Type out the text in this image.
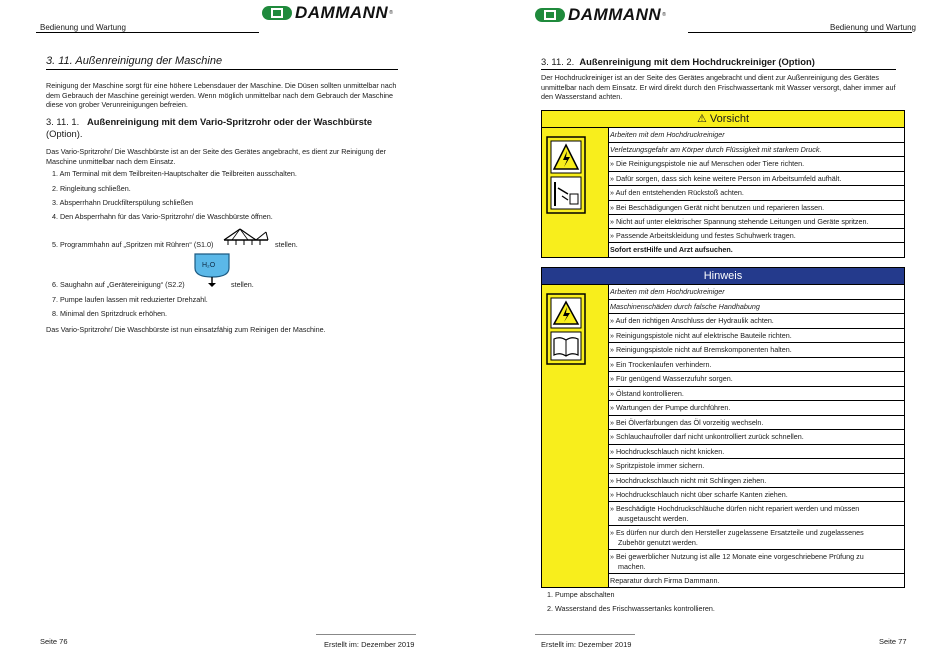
Bedienung und Wartung
DAMMANN ®
3. 11. Außenreinigung der Maschine
Reinigung der Maschine sorgt für eine höhere Lebensdauer der Maschine. Die Düsen sollten unmittelbar nach dem Gebrauch der Maschine gereinigt werden. Wenn möglich unmittelbar nach dem Gebrauch der Maschine diese von grober Verunreinigungen befreien.
3. 11. 1. Außenreinigung mit dem Vario-Spritzrohr oder der Waschbürste
(Option).
Das Vario-Spritzrohr/ Die Waschbürste ist an der Seite des Gerätes angebracht, es dient zur Reinigung der Maschine unmittelbar nach dem Einsatz.
1. Am Terminal mit dem Teilbreiten-Hauptschalter die Teilbreiten ausschalten.
2. Ringleitung schließen.
3. Absperrhahn Druckfilterspülung schließen
4. Den Absperrhahn für das Vario-Spritzrohr/ die Waschbürste öffnen.
5. Programmhahn auf „Spritzen mit Rühren“ (S1.0)	stellen.
H₂O
6. Saughahn auf „Gerätereinigung“ (S2.2)	stellen.
7. Pumpe laufen lassen mit reduzierter Drehzahl.
8. Minimal den Spritzdruck erhöhen.
Das Vario-Spritzrohr/ Die Waschbürste ist nun einsatzfähig zum Reinigen der Maschine.
Seite 76	Erstellt im: Dezember 2019
DAMMANN ®
Bedienung und Wartung
3. 11. 2. Außenreinigung mit dem Hochdruckreiniger (Option)
Der Hochdruckreiniger ist an der Seite des Gerätes angebracht und dient zur Außenreinigung des Gerätes unmittelbar nach dem Einsatz. Er wird direkt durch den Frischwassertank mit Wasser versorgt, daher immer auf den Wasserstand achten.
⚠ Vorsicht
Arbeiten mit dem Hochdruckreiniger
Verletzungsgefahr am Körper durch Flüssigkeit mit starkem Druck.
» Die Reinigungspistole nie auf Menschen oder Tiere richten.
» Dafür sorgen, dass sich keine weitere Person im Arbeitsumfeld aufhält.
» Auf den entstehenden Rückstoß achten.
» Bei Beschädigungen Gerät nicht benutzen und reparieren lassen.
» Nicht auf unter elektrischer Spannung stehende Leitungen und Geräte spritzen.
» Passende Arbeitskleidung und festes Schuhwerk tragen.
Sofort erstHilfe und Arzt aufsuchen.
Hinweis
Arbeiten mit dem Hochdruckreiniger
Maschinenschäden durch falsche Handhabung
» Auf den richtigen Anschluss der Hydraulik achten.
» Reinigungspistole nicht auf elektrische Bauteile richten.
» Reinigungspistole nicht auf Bremskomponenten halten.
» Ein Trockenlaufen verhindern.
» Für genügend Wasserzufuhr sorgen.
» Ölstand kontrollieren.
» Wartungen der Pumpe durchführen.
» Bei Ölverfärbungen das Öl vorzeitig wechseln.
» Schlauchaufroller darf nicht unkontrolliert zurück schnellen.
» Hochdruckschlauch nicht knicken.
» Spritzpistole immer sichern.
» Hochdruckschlauch nicht mit Schlingen ziehen.
» Hochdruckschlauch nicht über scharfe Kanten ziehen.
» Beschädigte Hochdruckschläuche dürfen nicht repariert werden und müssen
ausgetauscht werden.
» Es dürfen nur durch den Hersteller zugelassene Ersatzteile und zugelassenes
Zubehör genutzt werden.
» Bei gewerblicher Nutzung ist alle 12 Monate eine vorgeschriebene Prüfung zu
machen.
Reparatur durch Firma Dammann.
1. Pumpe abschalten
2. Wasserstand des Frischwassertanks kontrollieren.
Erstellt im: Dezember 2019	Seite 77
